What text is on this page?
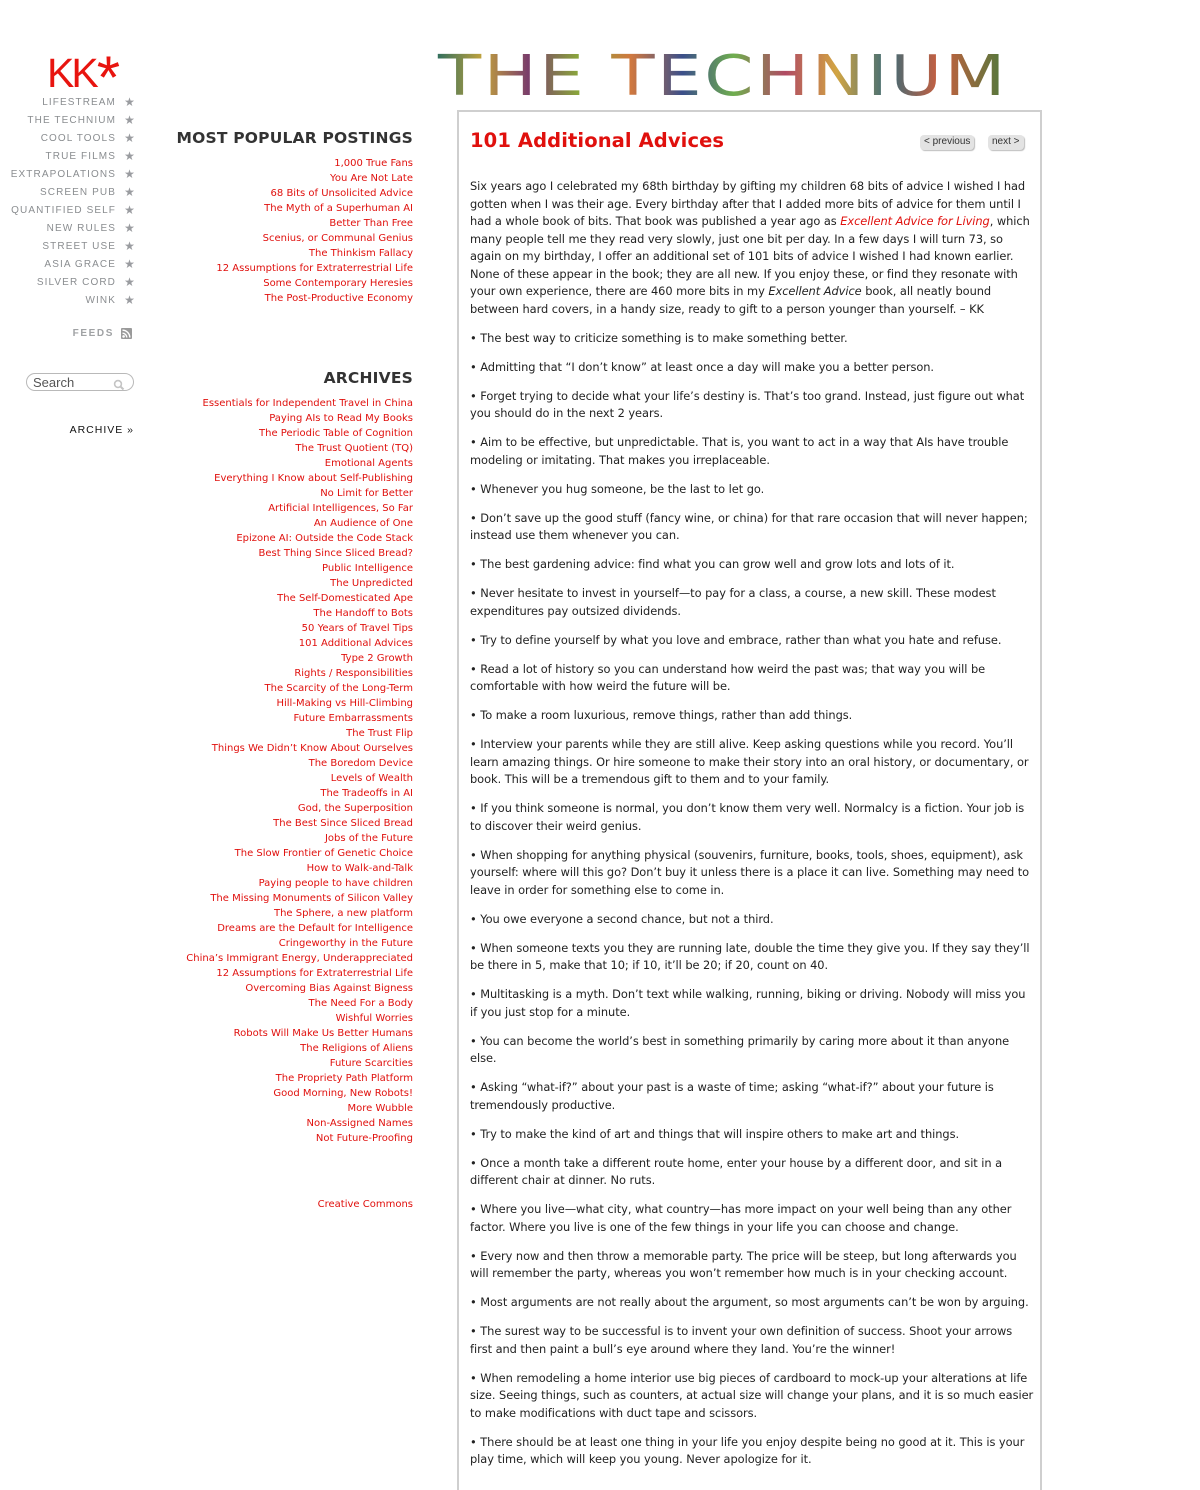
KK*
LIFESTREAM ★
THE TECHNIUM ★
COOL TOOLS ★
TRUE FILMS ★
EXTRAPOLATIONS ★
SCREEN PUB ★
QUANTIFIED SELF ★
NEW RULES ★
STREET USE ★
ASIA GRACE ★
SILVER CORD ★
WINK ★
FEEDS
Search
ARCHIVE »
MOST POPULAR POSTINGS
1,000 True Fans
You Are Not Late
68 Bits of Unsolicited Advice
The Myth of a Superhuman AI
Better Than Free
Scenius, or Communal Genius
The Thinkism Fallacy
12 Assumptions for Extraterrestrial Life
Some Contemporary Heresies
The Post-Productive Economy
ARCHIVES
Essentials for Independent Travel in China
Paying AIs to Read My Books
The Periodic Table of Cognition
The Trust Quotient (TQ)
Emotional Agents
Everything I Know about Self-Publishing
No Limit for Better
Artificial Intelligences, So Far
An Audience of One
Epizone AI: Outside the Code Stack
Best Thing Since Sliced Bread?
Public Intelligence
The Unpredicted
The Self-Domesticated Ape
The Handoff to Bots
50 Years of Travel Tips
101 Additional Advices
Type 2 Growth
Rights / Responsibilities
The Scarcity of the Long-Term
Hill-Making vs Hill-Climbing
Future Embarrassments
The Trust Flip
Things We Didn’t Know About Ourselves
The Boredom Device
Levels of Wealth
The Tradeoffs in AI
God, the Superposition
The Best Since Sliced Bread
Jobs of the Future
The Slow Frontier of Genetic Choice
How to Walk-and-Talk
Paying people to have children
The Missing Monuments of Silicon Valley
The Sphere, a new platform
Dreams are the Default for Intelligence
Cringeworthy in the Future
China’s Immigrant Energy, Underappreciated
12 Assumptions for Extraterrestrial Life
Overcoming Bias Against Bigness
The Need For a Body
Wishful Worries
Robots Will Make Us Better Humans
The Religions of Aliens
Future Scarcities
The Propriety Path Platform
Good Morning, New Robots!
More Wubble
Non-Assigned Names
Not Future-Proofing
Creative Commons
THE TECHNIUM
101 Additional Advices	< previous	next >

Six years ago I celebrated my 68th birthday by gifting my children 68 bits of advice I wished I had gotten when I was their age. Every birthday after that I added more bits of advice for them until I had a whole book of bits. That book was published a year ago as Excellent Advice for Living, which many people tell me they read very slowly, just one bit per day. In a few days I will turn 73, so again on my birthday, I offer an additional set of 101 bits of advice I wished I had known earlier. None of these appear in the book; they are all new. If you enjoy these, or find they resonate with your own experience, there are 460 more bits in my Excellent Advice book, all neatly bound between hard covers, in a handy size, ready to gift to a person younger than yourself. – KK

• The best way to criticize something is to make something better.

• Admitting that “I don’t know” at least once a day will make you a better person.

• Forget trying to decide what your life’s destiny is. That’s too grand. Instead, just figure out what you should do in the next 2 years.

• Aim to be effective, but unpredictable. That is, you want to act in a way that AIs have trouble modeling or imitating. That makes you irreplaceable.

• Whenever you hug someone, be the last to let go.

• Don’t save up the good stuff (fancy wine, or china) for that rare occasion that will never happen; instead use them whenever you can.

• The best gardening advice: find what you can grow well and grow lots and lots of it.

• Never hesitate to invest in yourself—to pay for a class, a course, a new skill. These modest expenditures pay outsized dividends.

• Try to define yourself by what you love and embrace, rather than what you hate and refuse.

• Read a lot of history so you can understand how weird the past was; that way you will be comfortable with how weird the future will be.

• To make a room luxurious, remove things, rather than add things.

• Interview your parents while they are still alive. Keep asking questions while you record. You’ll learn amazing things. Or hire someone to make their story into an oral history, or documentary, or book. This will be a tremendous gift to them and to your family.

• If you think someone is normal, you don’t know them very well. Normalcy is a fiction. Your job is to discover their weird genius.

• When shopping for anything physical (souvenirs, furniture, books, tools, shoes, equipment), ask yourself: where will this go? Don’t buy it unless there is a place it can live. Something may need to leave in order for something else to come in.

• You owe everyone a second chance, but not a third.

• When someone texts you they are running late, double the time they give you. If they say they’ll be there in 5, make that 10; if 10, it’ll be 20; if 20, count on 40.

• Multitasking is a myth. Don’t text while walking, running, biking or driving. Nobody will miss you if you just stop for a minute.

• You can become the world’s best in something primarily by caring more about it than anyone else.

• Asking “what-if?” about your past is a waste of time; asking “what-if?” about your future is tremendously productive.

• Try to make the kind of art and things that will inspire others to make art and things.

• Once a month take a different route home, enter your house by a different door, and sit in a different chair at dinner. No ruts.

• Where you live—what city, what country—has more impact on your well being than any other factor. Where you live is one of the few things in your life you can choose and change.

• Every now and then throw a memorable party. The price will be steep, but long afterwards you will remember the party, whereas you won’t remember how much is in your checking account.

• Most arguments are not really about the argument, so most arguments can’t be won by arguing.

• The surest way to be successful is to invent your own definition of success. Shoot your arrows first and then paint a bull’s eye around where they land. You’re the winner!

• When remodeling a home interior use big pieces of cardboard to mock-up your alterations at life size. Seeing things, such as counters, at actual size will change your plans, and it is so much easier to make modifications with duct tape and scissors.

• There should be at least one thing in your life you enjoy despite being no good at it. This is your play time, which will keep you young. Never apologize for it.
